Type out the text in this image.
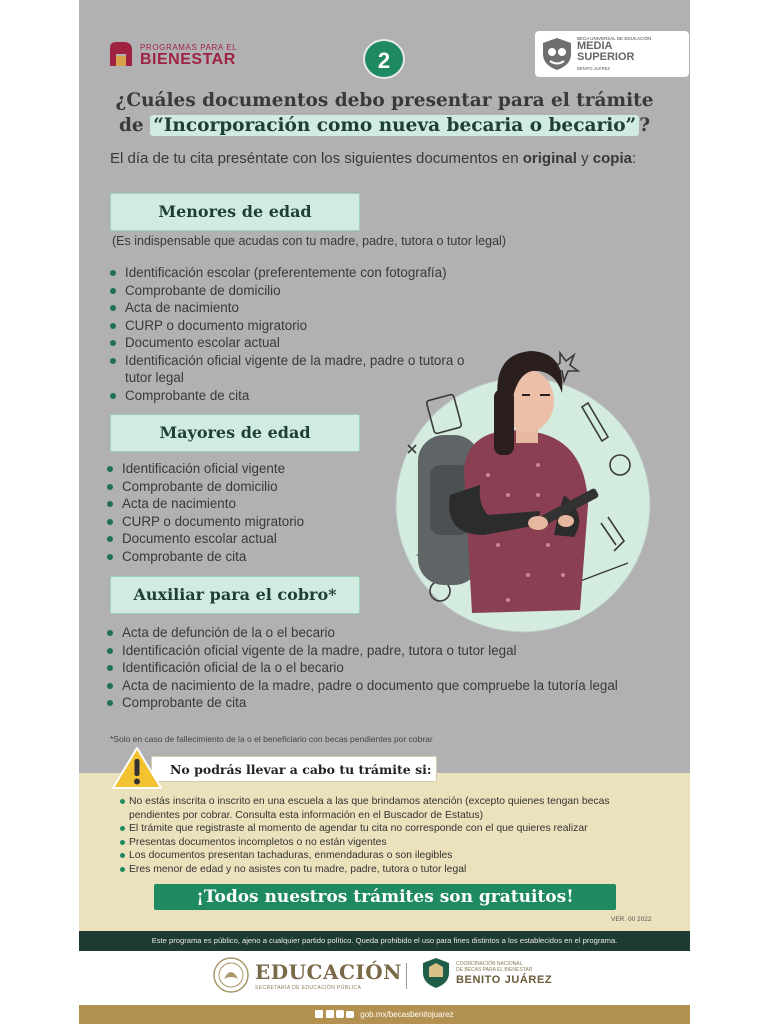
PROGRAMAS PARA EL
BIENESTAR	2
BECA UNIVERSAL DE EDUCACIÓN
MEDIA
SUPERIOR
BENITO JUÁREZ
¿Cuáles documentos debo presentar para el trámite
de “Incorporación como nueva becaria o becario” ?
El día de tu cita preséntate con los siguientes documentos en original y copia:
Menores de edad
(Es indispensable que acudas con tu madre, padre, tutora o tutor legal)
Identificación escolar (preferentemente con fotografía)
Comprobante de domicilio
Acta de nacimiento
CURP o documento migratorio
Documento escolar actual
Identificación oficial vigente de la madre, padre o tutora o tutor legal
Comprobante de cita
Mayores de edad
Identificación oficial vigente
Comprobante de domicilio
Acta de nacimiento
CURP o documento migratorio
Documento escolar actual
Comprobante de cita
Auxiliar para el cobro*
Acta de defunción de la o el becario
Identificación oficial vigente de la madre, padre, tutora o tutor legal
Identificación oficial de la o el becario
Acta de nacimiento de la madre, padre o documento que compruebe la tutoría legal
Comprobante de cita
*Solo en caso de fallecimiento de la o el beneficiario con becas pendientes por cobrar
No podrás llevar a cabo tu trámite si:
No estás inscrita o inscrito en una escuela a las que brindamos atención (excepto quienes tengan becas pendientes por cobrar. Consulta esta información en el Buscador de Estatus)
El trámite que registraste al momento de agendar tu cita no corresponde con el que quieres realizar
Presentas documentos incompletos o no están vigentes
Los documentos presentan tachaduras, enmendaduras o son ilegibles
Eres menor de edad y no asistes con tu madre, padre, tutora o tutor legal
¡Todos nuestros trámites son gratuitos!
VER. 00 2022
Este programa es público, ajeno a cualquier partido político. Queda prohibido el uso para fines distintos a los establecidos en el programa.
EDUCACIÓN
SECRETARÍA DE EDUCACIÓN PÚBLICA
COORDINACIÓN NACIONAL
DE BECAS PARA EL BIENESTAR
BENITO JUÁREZ
gob.mx/becasbenitojuarez
